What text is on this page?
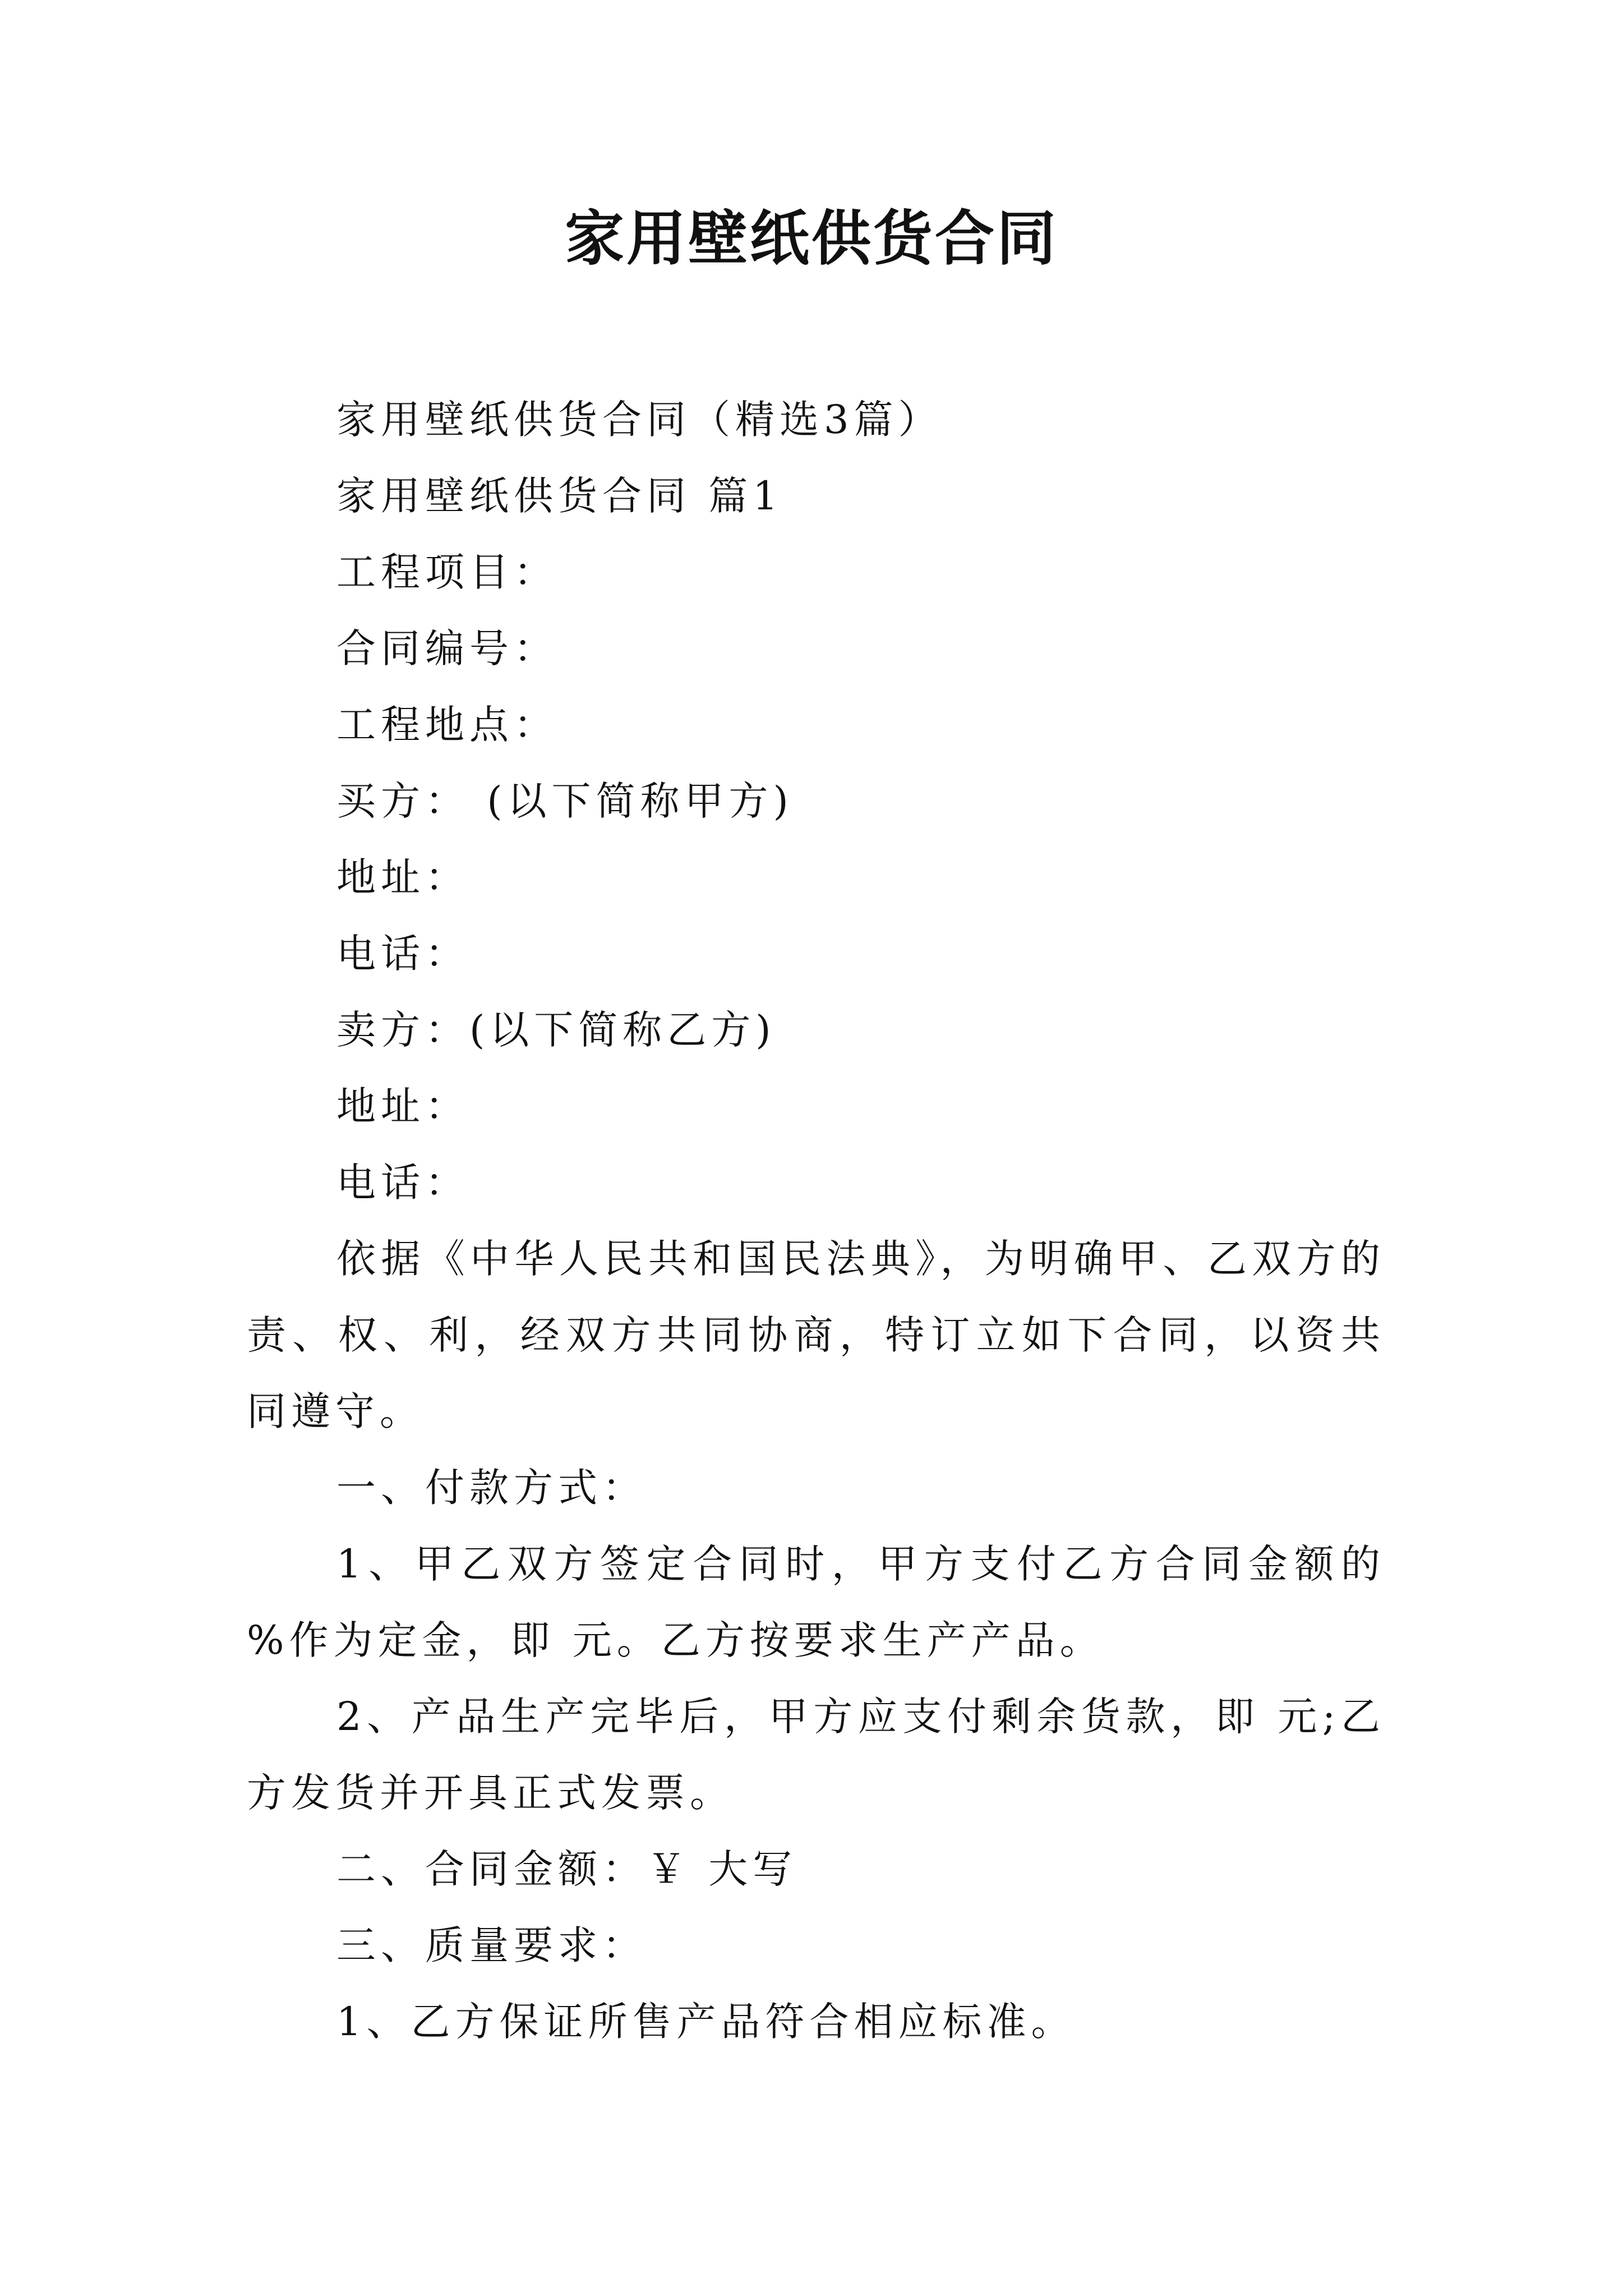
家用壁纸供货合同

家用壁纸供货合同（精选3篇）

家用壁纸供货合同 篇1

工程项目：

合同编号：

工程地点：

买方： (以下简称甲方)

地址：

电话：

卖方：(以下简称乙方)

地址：

电话：

依据《中华人民共和国民法典》，为明确甲、乙双方的责、权、利，经双方共同协商，特订立如下合同，以资共同遵守。

一、付款方式：

1、甲乙双方签定合同时，甲方支付乙方合同金额的 %作为定金，即 元。乙方按要求生产产品。

2、产品生产完毕后，甲方应支付剩余货款，即 元;乙方发货并开具正式发票。

二、合同金额：￥ 大写

三、质量要求：

1、乙方保证所售产品符合相应标准。
